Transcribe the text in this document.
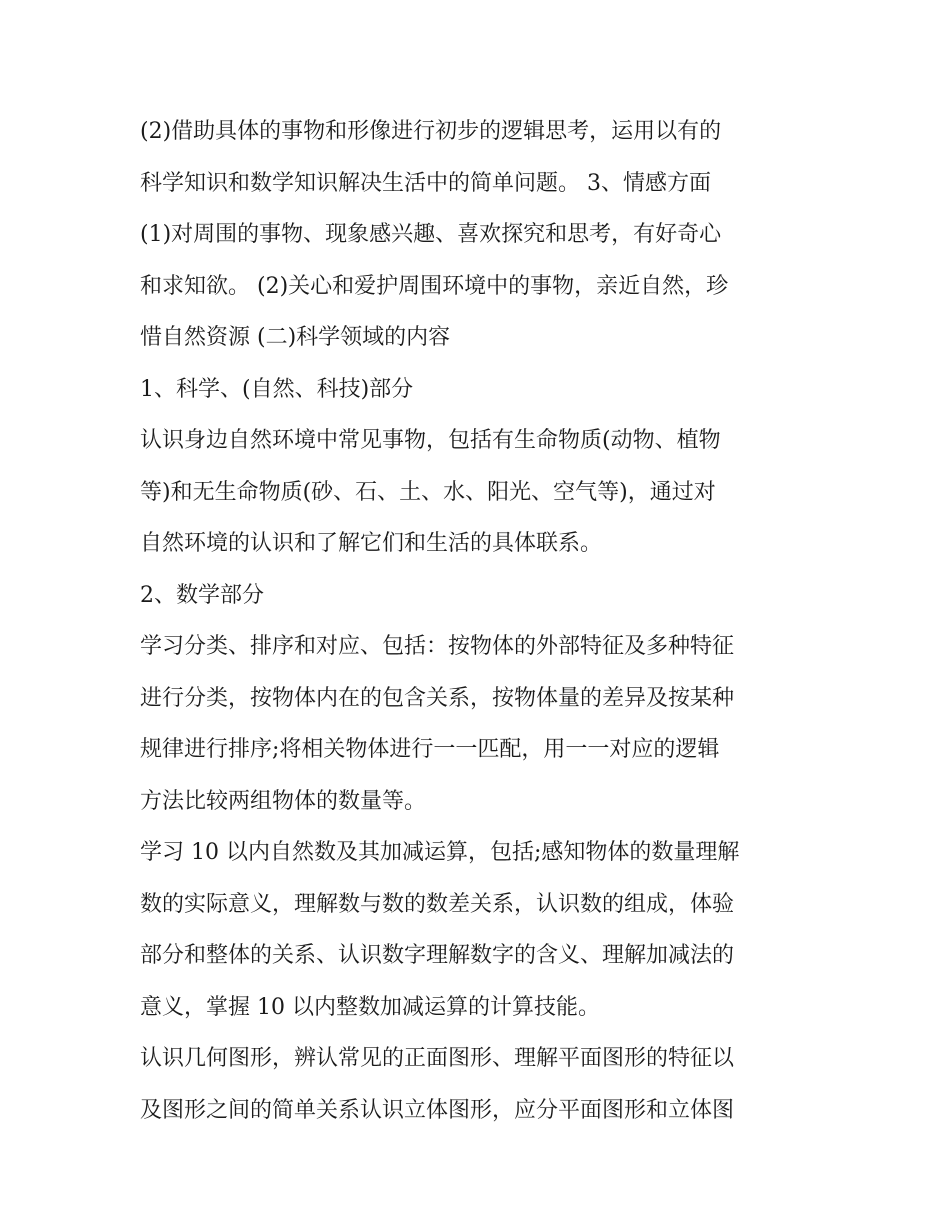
(2)借助具体的事物和形像进行初步的逻辑思考，运用以有的
科学知识和数学知识解决生活中的简单问题。 3、情感方面
(1)对周围的事物、现象感兴趣、喜欢探究和思考，有好奇心
和求知欲。 (2)关心和爱护周围环境中的事物，亲近自然，珍
惜自然资源 (二)科学领域的内容
1、科学、(自然、科技)部分
认识身边自然环境中常见事物，包括有生命物质(动物、植物
等)和无生命物质(砂、石、土、水、阳光、空气等)，通过对
自然环境的认识和了解它们和生活的具体联系。
2、数学部分
学习分类、排序和对应、包括：按物体的外部特征及多种特征
进行分类，按物体内在的包含关系，按物体量的差异及按某种
规律进行排序;将相关物体进行一一匹配，用一一对应的逻辑
方法比较两组物体的数量等。
学习 10 以内自然数及其加减运算，包括;感知物体的数量理解
数的实际意义，理解数与数的数差关系，认识数的组成，体验
部分和整体的关系、认识数字理解数字的含义、理解加减法的
意义，掌握 10 以内整数加减运算的计算技能。
认识几何图形，辨认常见的正面图形、理解平面图形的特征以
及图形之间的简单关系认识立体图形，应分平面图形和立体图
